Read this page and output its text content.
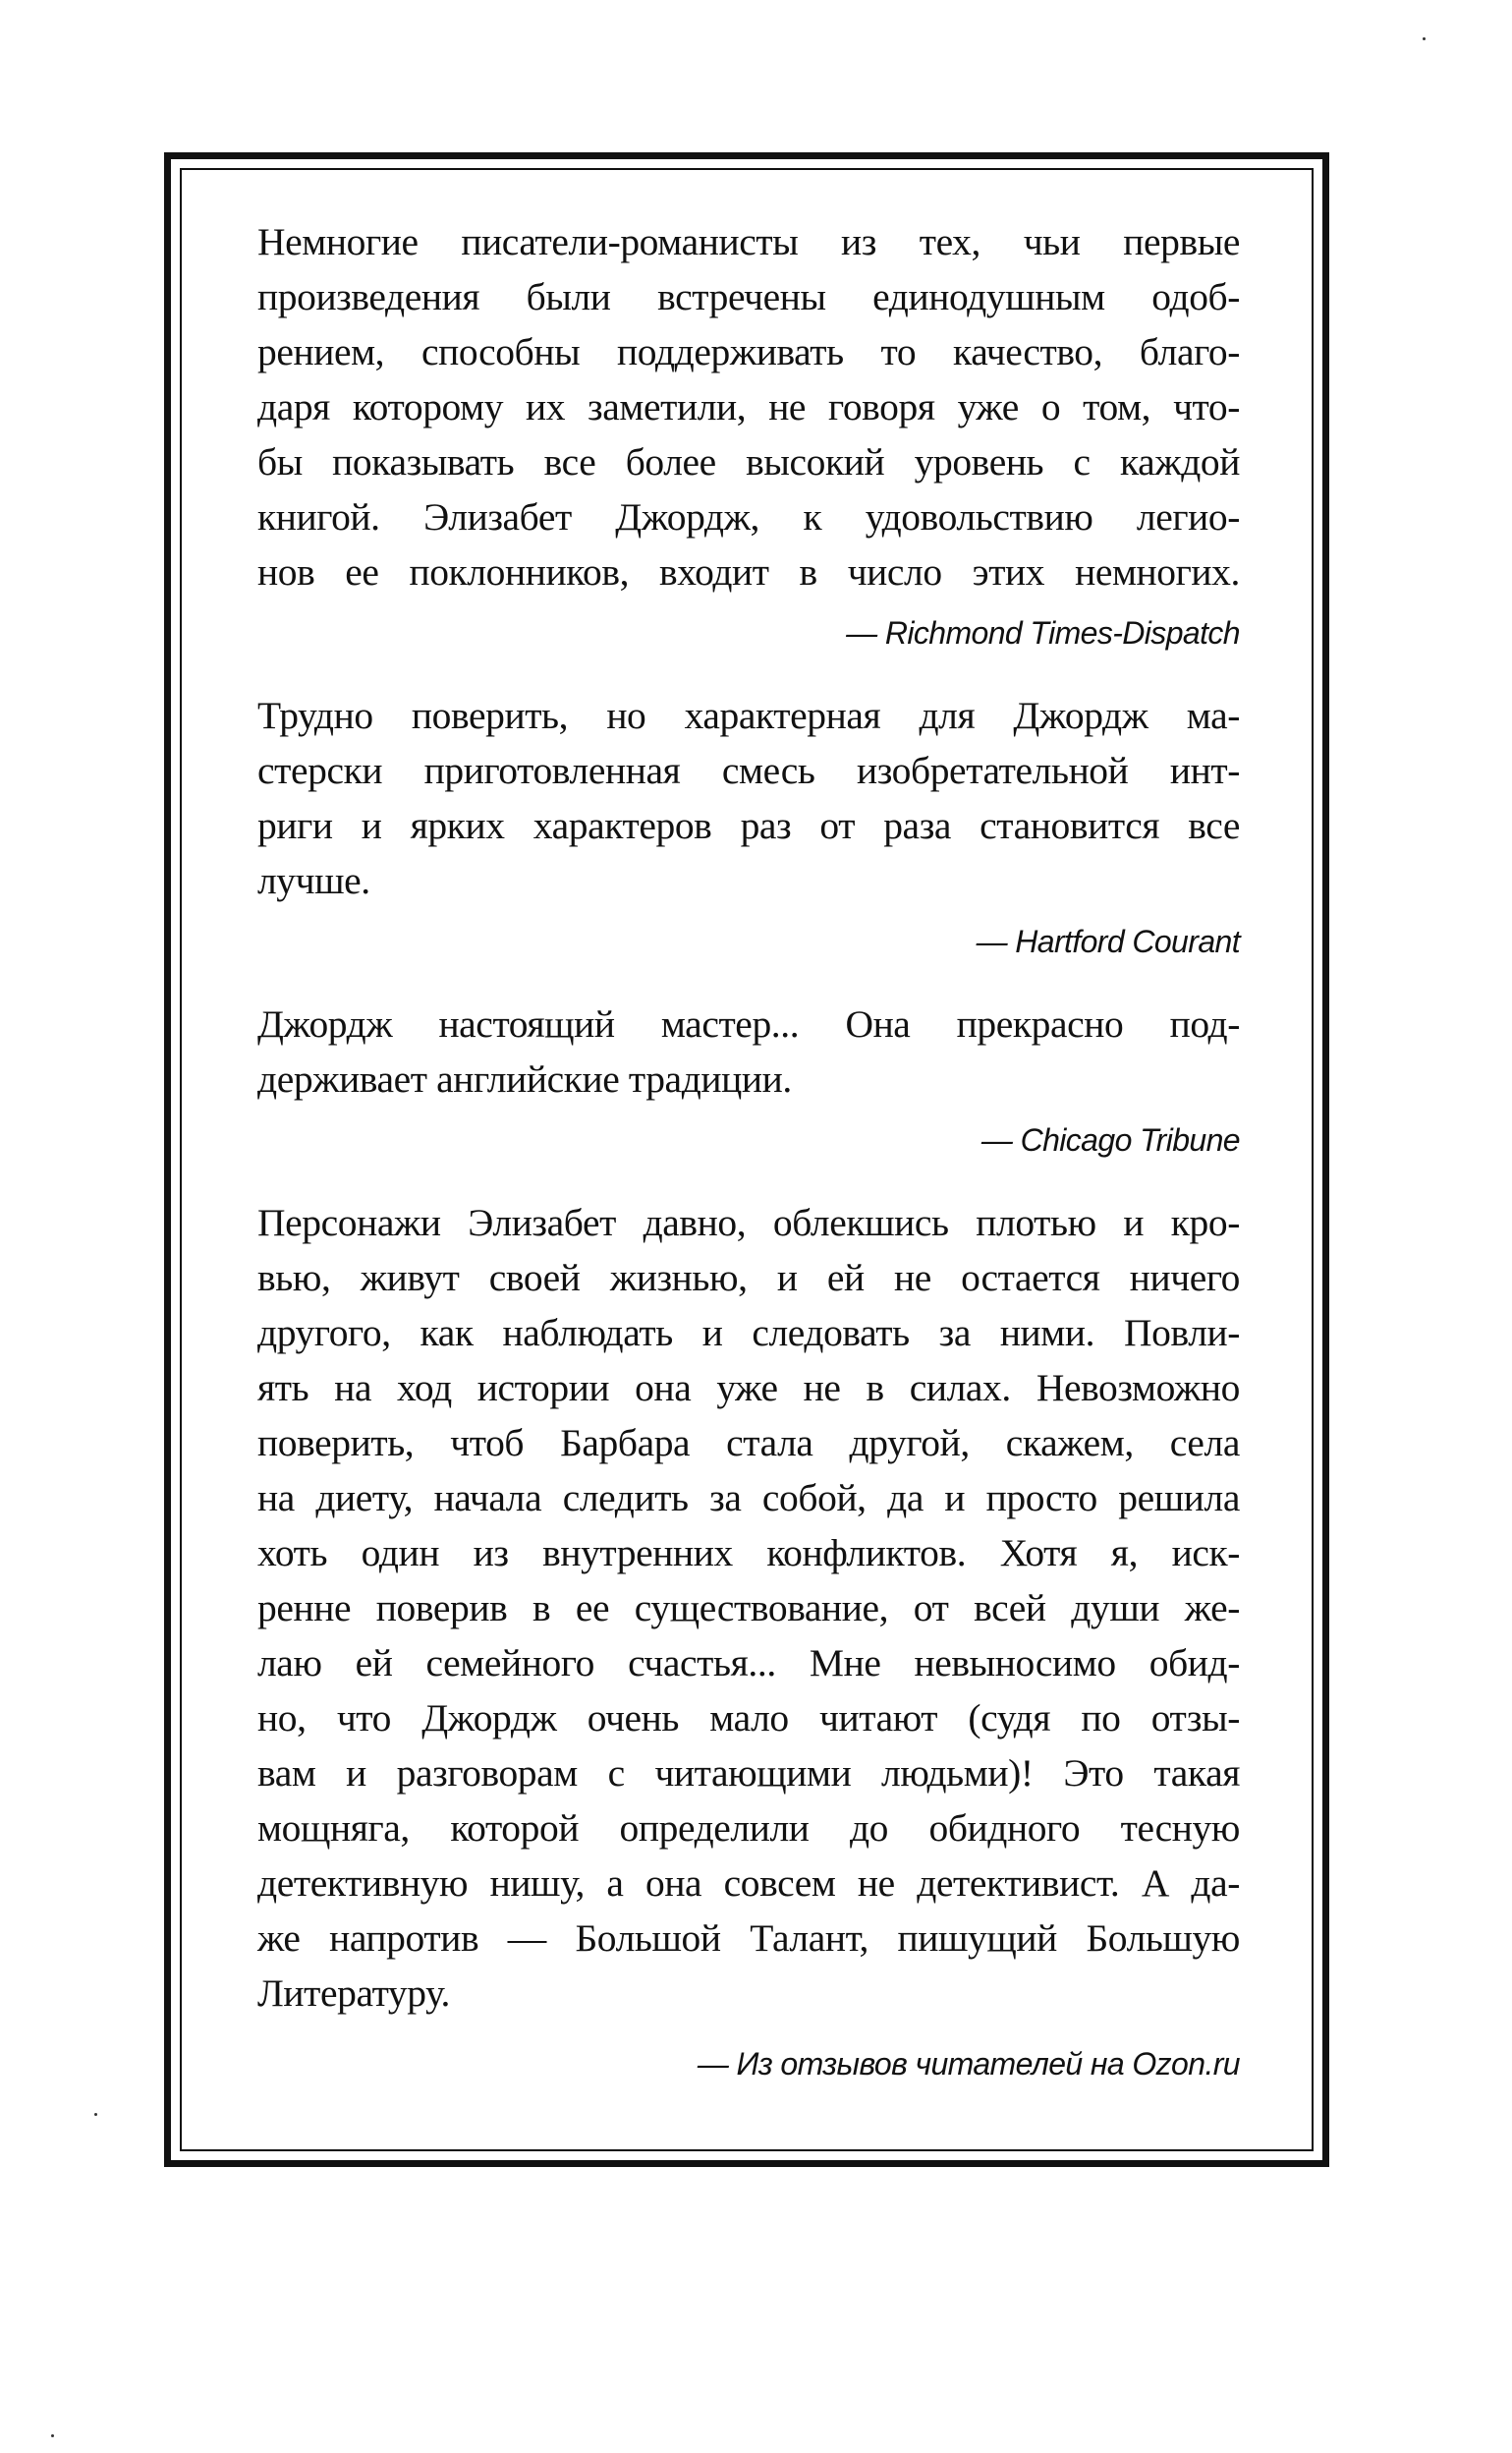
Немногие писатели-романисты из тех, чьи первые
произведения были встречены единодушным одоб-
рением, способны поддерживать то качество, благо-
даря которому их заметили, не говоря уже о том, что-
бы показывать все более высокий уровень с каждой
книгой. Элизабет Джордж, к удовольствию легио-
нов ее поклонников, входит в число этих немногих.

— Richmond Times-Dispatch

Трудно поверить, но характерная для Джордж ма-
стерски приготовленная смесь изобретательной инт-
риги и ярких характеров раз от раза становится все
лучше.

— Hartford Courant

Джордж настоящий мастер... Она прекрасно под-
держивает английские традиции.

— Chicago Tribune

Персонажи Элизабет давно, облекшись плотью и кро-
вью, живут своей жизнью, и ей не остается ничего
другого, как наблюдать и следовать за ними. Повли-
ять на ход истории она уже не в силах. Невозможно
поверить, чтоб Барбара стала другой, скажем, села
на диету, начала следить за собой, да и просто решила
хоть один из внутренних конфликтов. Хотя я, иск-
ренне поверив в ее существование, от всей души же-
лаю ей семейного счастья... Мне невыносимо обид-
но, что Джордж очень мало читают (судя по отзы-
вам и разговорам с читающими людьми)! Это такая
мощняга, которой определили до обидного тесную
детективную нишу, а она совсем не детективист. А да-
же напротив — Большой Талант, пишущий Большую
Литературу.

— Из отзывов читателей на Ozon.ru
